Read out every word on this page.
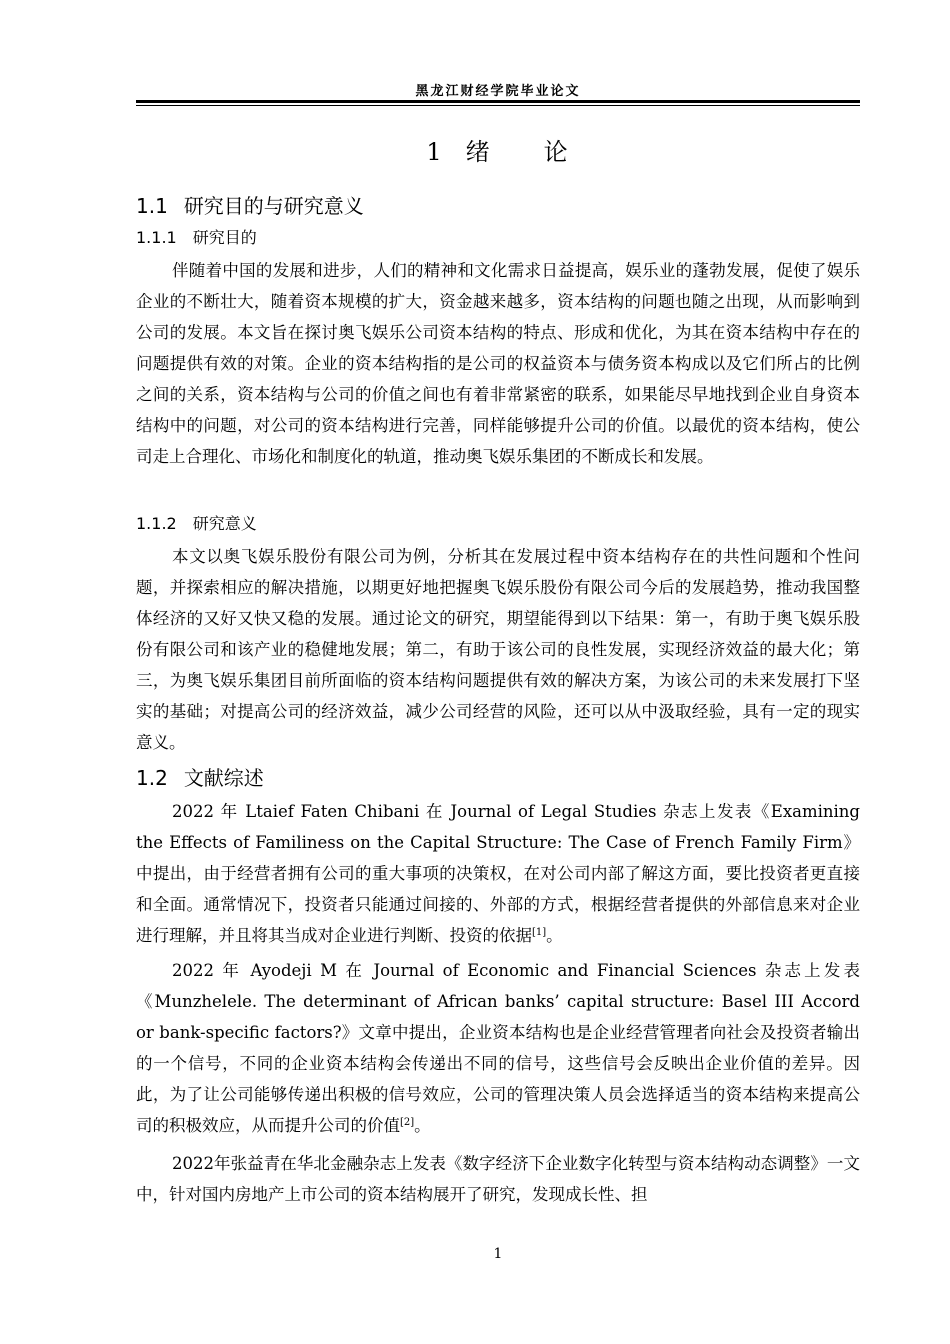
黑龙江财经学院毕业论文
1 绪 论
1.1 研究目的与研究意义
1.1.1 研究目的

伴随着中国的发展和进步，人们的精神和文化需求日益提高，娱乐业的蓬勃发展，促使了娱乐企业的不断壮大，随着资本规模的扩大，资金越来越多，资本结构的问题也随之出现，从而影响到公司的发展。本文旨在探讨奥飞娱乐公司资本结构的特点、形成和优化，为其在资本结构中存在的问题提供有效的对策。企业的资本结构指的是公司的权益资本与债务资本构成以及它们所占的比例之间的关系，资本结构与公司的价值之间也有着非常紧密的联系，如果能尽早地找到企业自身资本结构中的问题，对公司的资本结构进行完善，同样能够提升公司的价值。以最优的资本结构，使公司走上合理化、市场化和制度化的轨道，推动奥飞娱乐集团的不断成长和发展。

1.1.2 研究意义

本文以奥飞娱乐股份有限公司为例，分析其在发展过程中资本结构存在的共性问题和个性问题，并探索相应的解决措施，以期更好地把握奥飞娱乐股份有限公司今后的发展趋势，推动我国整体经济的又好又快又稳的发展。通过论文的研究，期望能得到以下结果：第一，有助于奥飞娱乐股份有限公司和该产业的稳健地发展；第二，有助于该公司的良性发展，实现经济效益的最大化；第三，为奥飞娱乐集团目前所面临的资本结构问题提供有效的解决方案，为该公司的未来发展打下坚实的基础；对提高公司的经济效益，减少公司经营的风险，还可以从中汲取经验，具有一定的现实意义。

1.2 文献综述

2022 年 Ltaief Faten Chibani 在 Journal of Legal Studies 杂志上发表《Examining the Effects of Familiness on the Capital Structure: The Case of French Family Firm》中提出，由于经营者拥有公司的重大事项的决策权，在对公司内部了解这方面，要比投资者更直接和全面。通常情况下，投资者只能通过间接的、外部的方式，根据经营者提供的外部信息来对企业进行理解，并且将其当成对企业进行判断、投资的依据[1]。

2022 年 Ayodeji M 在 Journal of Economic and Financial Sciences 杂志上发表《Munzhelele. The determinant of African banks’ capital structure: Basel III Accord or bank-specific factors?》文章中提出，企业资本结构也是企业经营管理者向社会及投资者输出的一个信号，不同的企业资本结构会传递出不同的信号，这些信号会反映出企业价值的差异。因此，为了让公司能够传递出积极的信号效应，公司的管理决策人员会选择适当的资本结构来提高公司的积极效应，从而提升公司的价值[2]。

2022年张益青在华北金融杂志上发表《数字经济下企业数字化转型与资本结构动态调整》一文中，针对国内房地产上市公司的资本结构展开了研究，发现成长性、担

1
